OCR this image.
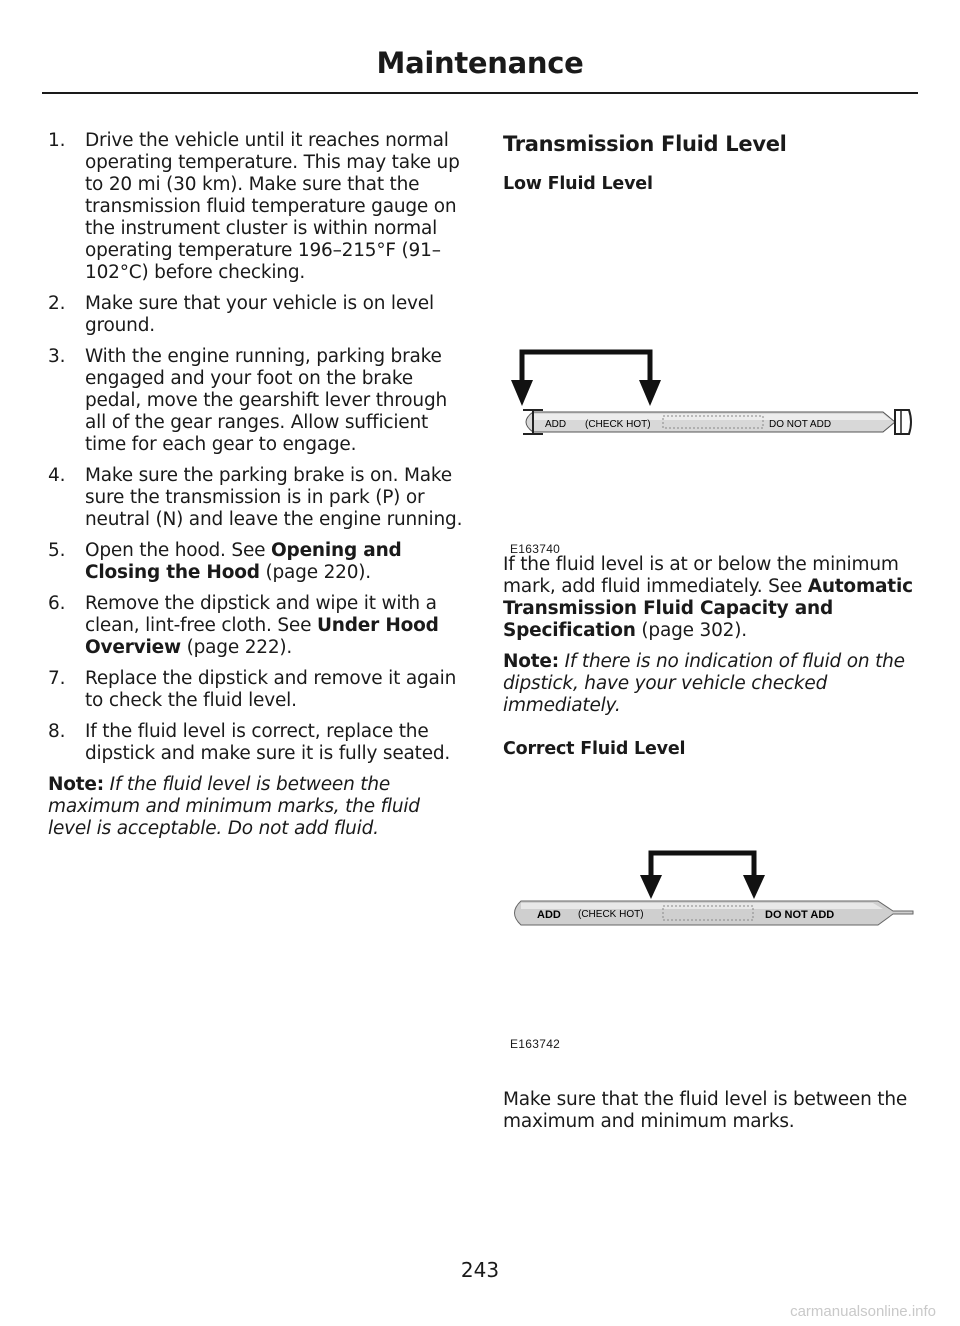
Maintenance
1. Drive the vehicle until it reaches normal operating temperature. This may take up to 20 mi (30 km). Make sure that the transmission fluid temperature gauge on the instrument cluster is within normal operating temperature 196–215°F (91–102°C) before checking.
2. Make sure that your vehicle is on level ground.
3. With the engine running, parking brake engaged and your foot on the brake pedal, move the gearshift lever through all of the gear ranges. Allow sufficient time for each gear to engage.
4. Make sure the parking brake is on. Make sure the transmission is in park (P) or neutral (N) and leave the engine running.
5. Open the hood. See Opening and Closing the Hood (page 220).
6. Remove the dipstick and wipe it with a clean, lint-free cloth. See Under Hood Overview (page 222).
7. Replace the dipstick and remove it again to check the fluid level.
8. If the fluid level is correct, replace the dipstick and make sure it is fully seated.

Note: If the fluid level is between the maximum and minimum marks, the fluid level is acceptable. Do not add fluid.

Transmission Fluid Level
Low Fluid Level
ADD (CHECK HOT)	DO NOT ADD
E163740

If the fluid level is at or below the minimum mark, add fluid immediately. See Automatic Transmission Fluid Capacity and Specification (page 302).

Note: If there is no indication of fluid on the dipstick, have your vehicle checked immediately.

Correct Fluid Level
ADD (CHECK HOT)	DO NOT ADD
E163742

Make sure that the fluid level is between the maximum and minimum marks.

243
carmanualsonline.info
